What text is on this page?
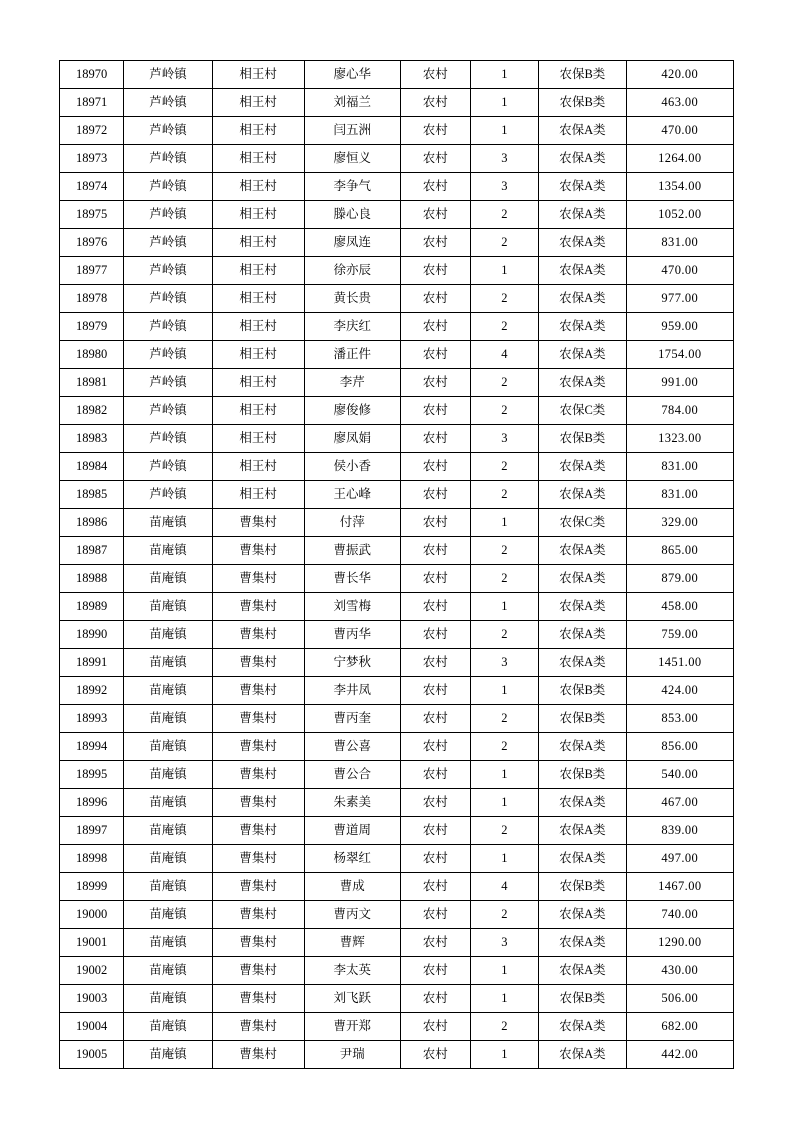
18970	芦岭镇	相王村	廖心华	农村	1	农保B类	420.00
18971	芦岭镇	相王村	刘福兰	农村	1	农保B类	463.00
18972	芦岭镇	相王村	闫五洲	农村	1	农保A类	470.00
18973	芦岭镇	相王村	廖恒义	农村	3	农保A类	1264.00
18974	芦岭镇	相王村	李争气	农村	3	农保A类	1354.00
18975	芦岭镇	相王村	滕心良	农村	2	农保A类	1052.00
18976	芦岭镇	相王村	廖凤连	农村	2	农保A类	831.00
18977	芦岭镇	相王村	徐亦辰	农村	1	农保A类	470.00
18978	芦岭镇	相王村	黄长贵	农村	2	农保A类	977.00
18979	芦岭镇	相王村	李庆红	农村	2	农保A类	959.00
18980	芦岭镇	相王村	潘正件	农村	4	农保A类	1754.00
18981	芦岭镇	相王村	李芹	农村	2	农保A类	991.00
18982	芦岭镇	相王村	廖俊修	农村	2	农保C类	784.00
18983	芦岭镇	相王村	廖凤娟	农村	3	农保B类	1323.00
18984	芦岭镇	相王村	侯小香	农村	2	农保A类	831.00
18985	芦岭镇	相王村	王心峰	农村	2	农保A类	831.00
18986	苗庵镇	曹集村	付萍	农村	1	农保C类	329.00
18987	苗庵镇	曹集村	曹振武	农村	2	农保A类	865.00
18988	苗庵镇	曹集村	曹长华	农村	2	农保A类	879.00
18989	苗庵镇	曹集村	刘雪梅	农村	1	农保A类	458.00
18990	苗庵镇	曹集村	曹丙华	农村	2	农保A类	759.00
18991	苗庵镇	曹集村	宁梦秋	农村	3	农保A类	1451.00
18992	苗庵镇	曹集村	李井凤	农村	1	农保B类	424.00
18993	苗庵镇	曹集村	曹丙奎	农村	2	农保B类	853.00
18994	苗庵镇	曹集村	曹公喜	农村	2	农保A类	856.00
18995	苗庵镇	曹集村	曹公合	农村	1	农保B类	540.00
18996	苗庵镇	曹集村	朱素美	农村	1	农保A类	467.00
18997	苗庵镇	曹集村	曹道周	农村	2	农保A类	839.00
18998	苗庵镇	曹集村	杨翠红	农村	1	农保A类	497.00
18999	苗庵镇	曹集村	曹成	农村	4	农保B类	1467.00
19000	苗庵镇	曹集村	曹丙文	农村	2	农保A类	740.00
19001	苗庵镇	曹集村	曹辉	农村	3	农保A类	1290.00
19002	苗庵镇	曹集村	李太英	农村	1	农保A类	430.00
19003	苗庵镇	曹集村	刘飞跃	农村	1	农保B类	506.00
19004	苗庵镇	曹集村	曹开郑	农村	2	农保A类	682.00
19005	苗庵镇	曹集村	尹瑞	农村	1	农保A类	442.00
